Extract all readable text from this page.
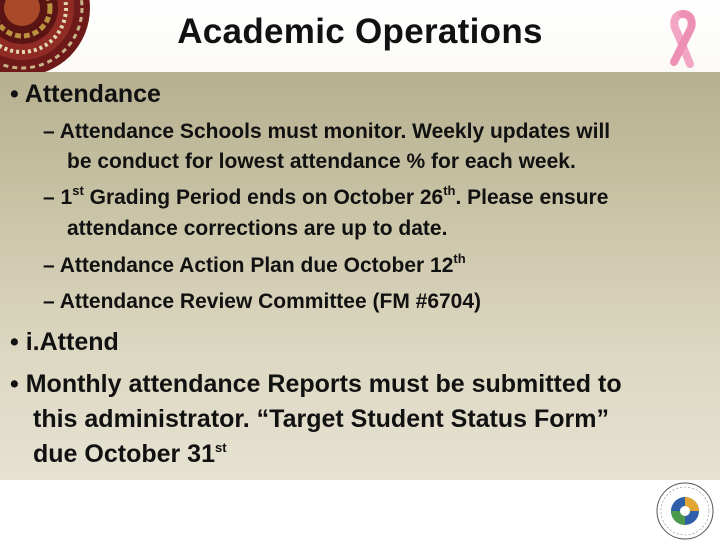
Academic Operations
• Attendance
– Attendance Schools must monitor. Weekly updates will
be conduct for lowest attendance % for each week.
– 1st Grading Period ends on October 26th. Please ensure
attendance corrections are up to date.
– Attendance Action Plan due October 12th
– Attendance Review Committee (FM #6704)
• i.Attend
• Monthly attendance Reports must be submitted to
this administrator. “Target Student Status Form”
due October 31st
